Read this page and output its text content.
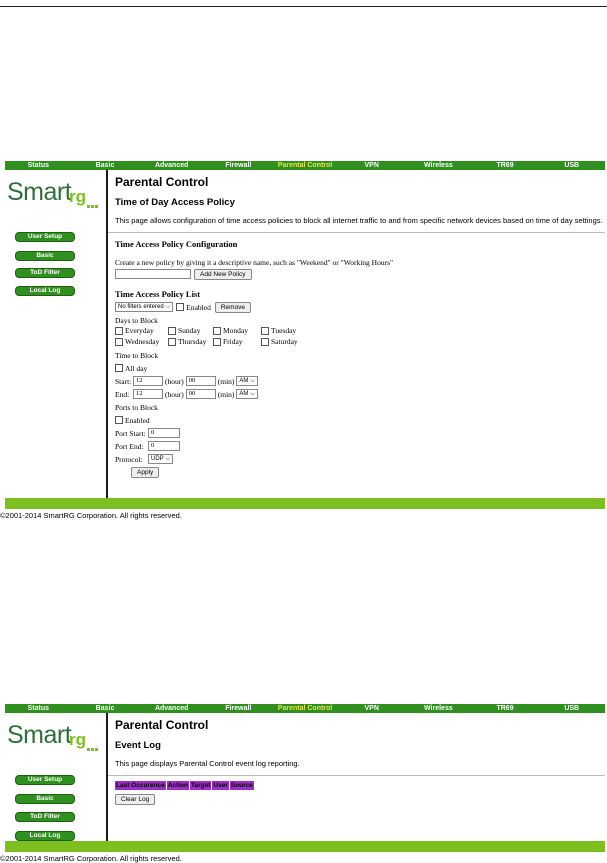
Status	Basic	Advanced	Firewall	Parental Control	VPN	Wireless	TR69	USB
Smart
rg
User Setup
Basic
ToD Filter
Local Log
Parental Control
Time of Day Access Policy
This page allows configuration of time access policies to block all internet traffic to and from specific network devices based on time of day settings.
Time Access Policy Configuration
Create a new policy by giving it a descriptive name, such as "Weekend" or "Working Hours"
Add New Policy
Time Access Policy List
No filters entered ⌵ Enabled	Remove
Days to Block
Everyday	Sunday	Monday	Tuesday
Wednesday Thursday Friday	Saturday
Time to Block
All day
Start: 12	(hour) 00	(min) AM ⌵
End:	12	(hour) 00	(min) AM ⌵
Ports to Block
Enabled
Port Start: 0
Port End:	0
Protocol:	UDP ⌵
Apply
©2001-2014 SmartRG Corporation. All rights reserved.
Status	Basic	Advanced	Firewall	Parental Control	VPN	Wireless	TR69	USB
Smart
rg
User Setup
Basic
ToD Filter
Local Log
Parental Control
Event Log
This page displays Parental Control event log reporting.
Last Occurence Action Target User Source
Clear Log
©2001-2014 SmartRG Corporation. All rights reserved.
